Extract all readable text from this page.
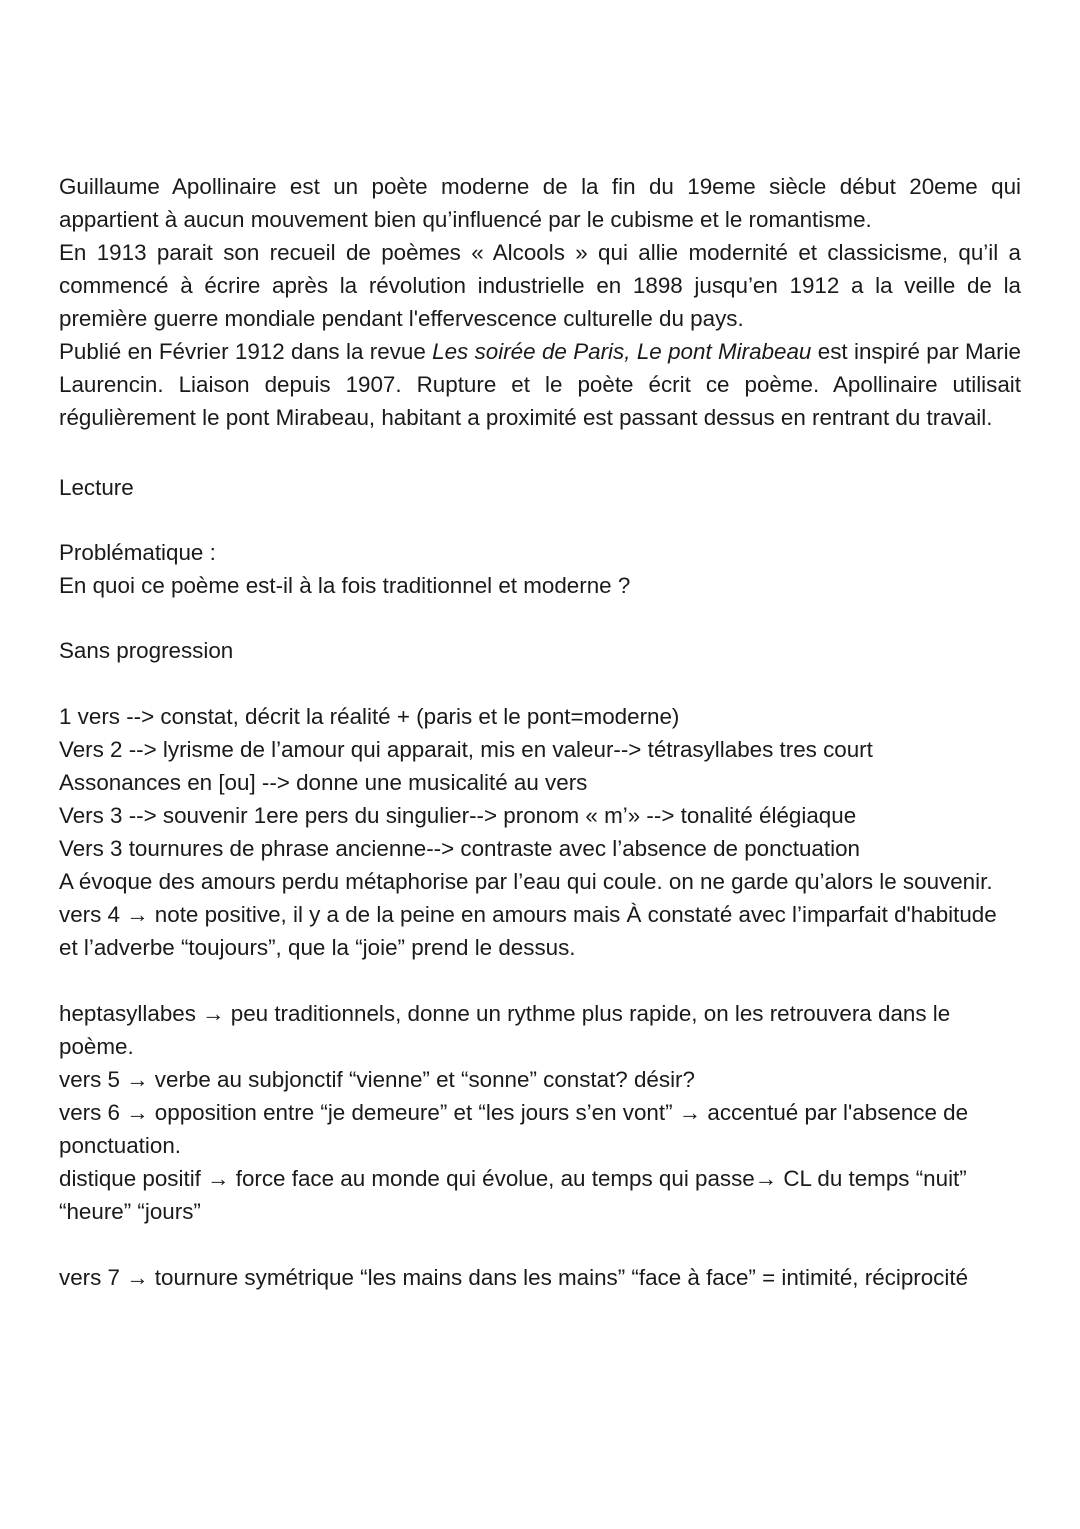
Guillaume Apollinaire est un poète moderne de la fin du 19eme siècle début 20eme qui appartient à aucun mouvement bien qu’influencé par le cubisme et le romantisme.

En 1913 parait son recueil de poèmes « Alcools » qui allie modernité et classicisme, qu’il a commencé à écrire après la révolution industrielle en 1898 jusqu’en 1912 a la veille de la première guerre mondiale pendant l'effervescence culturelle du pays.

Publié en Février 1912 dans la revue Les soirée de Paris, Le pont Mirabeau est inspiré par Marie Laurencin. Liaison depuis 1907. Rupture et le poète écrit ce poème. Apollinaire utilisait régulièrement le pont Mirabeau, habitant a proximité est passant dessus en rentrant du travail.

Lecture

Problématique :

En quoi ce poème est-il à la fois traditionnel et moderne ?

Sans progression

1 vers --> constat, décrit la réalité + (paris et le pont=moderne)

Vers 2 --> lyrisme de l’amour qui apparait, mis en valeur--> tétrasyllabes tres court

Assonances en [ou] --> donne une musicalité au vers

Vers 3 --> souvenir 1ere pers du singulier--> pronom « m’» --> tonalité élégiaque

Vers 3 tournures de phrase ancienne--> contraste avec l’absence de ponctuation

A évoque des amours perdu métaphorise par l’eau qui coule. on ne garde qu’alors le souvenir.

vers 4 → note positive, il y a de la peine en amours mais À constaté avec l’imparfait d'habitude et l’adverbe “toujours”, que la “joie” prend le dessus.

heptasyllabes → peu traditionnels, donne un rythme plus rapide, on les retrouvera dans le poème.

vers 5 → verbe au subjonctif “vienne” et “sonne” constat? désir?

vers 6 → opposition entre “je demeure” et “les jours s’en vont” → accentué par l'absence de ponctuation.

distique positif → force face au monde qui évolue, au temps qui passe→ CL du temps “nuit” “heure” “jours”

vers 7 → tournure symétrique “les mains dans les mains” “face à face” = intimité, réciprocité
